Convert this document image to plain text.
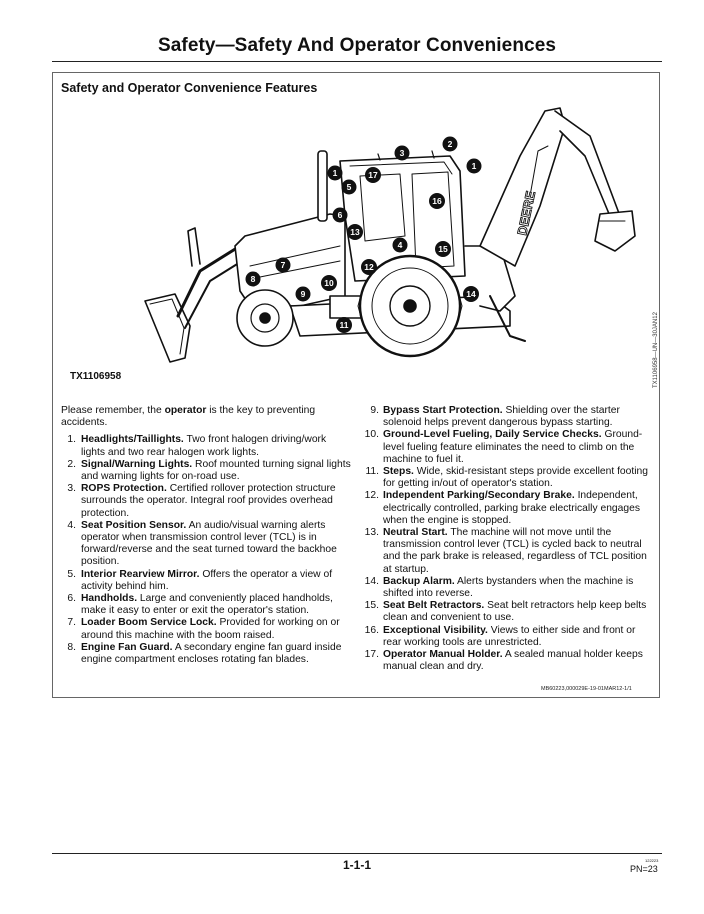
Safety—Safety And Operator Conveniences
Safety and Operator Convenience Features
DEERE
1
1
2
3
4
5
6
7
8
9
10
11
12
13
14
15
16
17
TX1106958	TX1106958—UN—30JAN12

Please remember, the operator is the key to preventing accidents.

1. Headlights/Taillights. Two front halogen driving/work lights and two rear halogen work lights.
2. Signal/Warning Lights. Roof mounted turning signal lights and warning lights for on-road use.
3. ROPS Protection. Certified rollover protection structure surrounds the operator. Integral roof provides overhead protection.
4. Seat Position Sensor. An audio/visual warning alerts operator when transmission control lever (TCL) is in forward/reverse and the seat turned toward the backhoe position.
5. Interior Rearview Mirror. Offers the operator a view of activity behind him.
6. Handholds. Large and conveniently placed handholds, make it easy to enter or exit the operator's station.
7. Loader Boom Service Lock. Provided for working on or around this machine with the boom raised.
8. Engine Fan Guard. A secondary engine fan guard inside engine compartment encloses rotating fan blades.
9. Bypass Start Protection. Shielding over the starter solenoid helps prevent dangerous bypass starting.
10. Ground-Level Fueling, Daily Service Checks. Ground-level fueling feature eliminates the need to climb on the machine to fuel it.
11. Steps. Wide, skid-resistant steps provide excellent footing for getting in/out of operator's station.
12. Independent Parking/Secondary Brake. Independent, electrically controlled, parking brake electrically engages when the engine is stopped.
13. Neutral Start. The machine will not move until the transmission control lever (TCL) is cycled back to neutral and the park brake is released, regardless of TCL position at startup.
14. Backup Alarm. Alerts bystanders when the machine is shifted into reverse.
15. Seat Belt Retractors. Seat belt retractors help keep belts clean and convenient to use.
16. Exceptional Visibility. Views to either side and front or rear working tools are unrestricted.
17. Operator Manual Holder. A sealed manual holder keeps manual clean and dry.
MB60223,000029E-19-01MAR12-1/1
1-1-1	122223
PN=23
